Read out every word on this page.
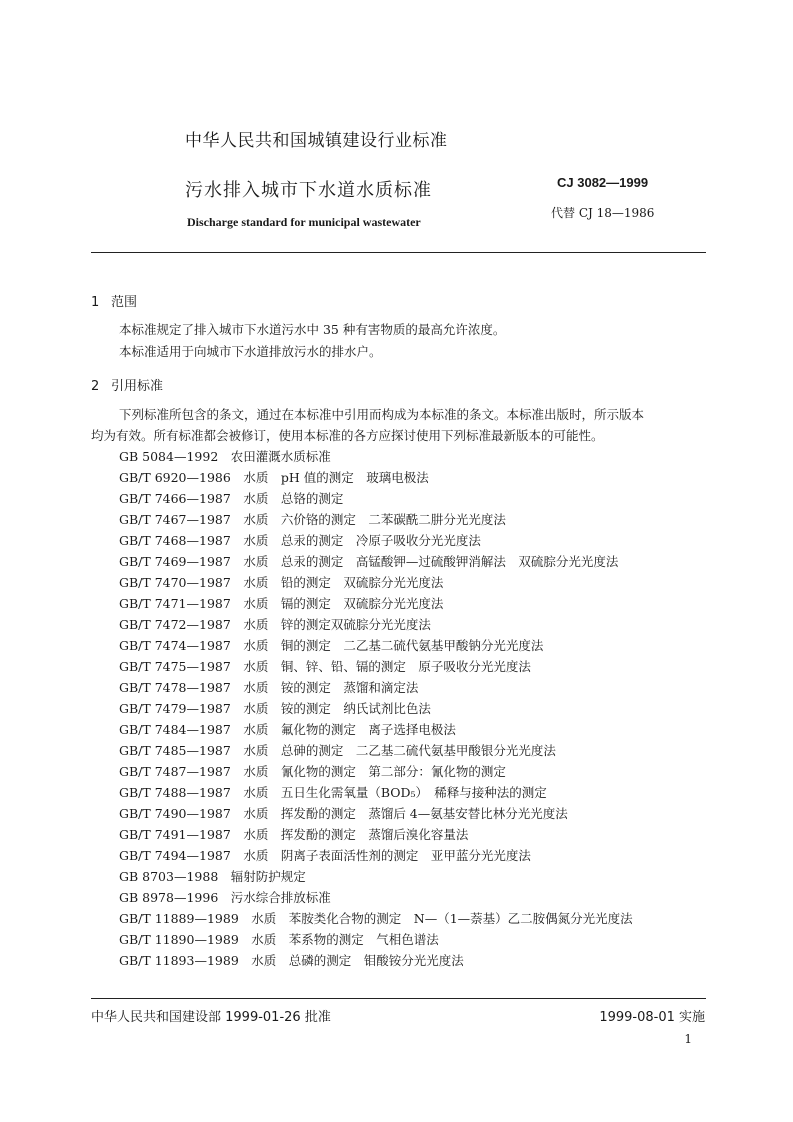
中华人民共和国城镇建设行业标准
污水排入城市下水道水质标准
Discharge standard for municipal wastewater
CJ 3082—1999
代替 CJ 18—1986
1 范围
本标准规定了排入城市下水道污水中 35 种有害物质的最高允许浓度。
本标准适用于向城市下水道排放污水的排水户。
2 引用标准
下列标准所包含的条文，通过在本标准中引用而构成为本标准的条文。本标准出版时，所示版本
均为有效。所有标准都会被修订，使用本标准的各方应探讨使用下列标准最新版本的可能性。
GB 5084—1992　农田灌溉水质标准
GB/T 6920—1986　水质　pH 值的测定　玻璃电极法
GB/T 7466—1987　水质　总铬的测定
GB/T 7467—1987　水质　六价铬的测定　二苯碳酰二肼分光光度法
GB/T 7468—1987　水质　总汞的测定　冷原子吸收分光光度法
GB/T 7469—1987　水质　总汞的测定　高锰酸钾—过硫酸钾消解法　双硫腙分光光度法
GB/T 7470—1987　水质　铅的测定　双硫腙分光光度法
GB/T 7471—1987　水质　镉的测定　双硫腙分光光度法
GB/T 7472—1987　水质　锌的测定双硫腙分光光度法
GB/T 7474—1987　水质　铜的测定　二乙基二硫代氨基甲酸钠分光光度法
GB/T 7475—1987　水质　铜、锌、铅、镉的测定　原子吸收分光光度法
GB/T 7478—1987　水质　铵的测定　蒸馏和滴定法
GB/T 7479—1987　水质　铵的测定　纳氏试剂比色法
GB/T 7484—1987　水质　氟化物的测定　离子选择电极法
GB/T 7485—1987　水质　总砷的测定　二乙基二硫代氨基甲酸银分光光度法
GB/T 7487—1987　水质　氰化物的测定　第二部分：氰化物的测定
GB/T 7488—1987　水质　五日生化需氧量（BOD₅）　稀释与接种法的测定
GB/T 7490—1987　水质　挥发酚的测定　蒸馏后 4—氨基安替比林分光光度法
GB/T 7491—1987　水质　挥发酚的测定　蒸馏后溴化容量法
GB/T 7494—1987　水质　阴离子表面活性剂的测定　亚甲蓝分光光度法
GB 8703—1988　辐射防护规定
GB 8978—1996　污水综合排放标准
GB/T 11889—1989　水质　苯胺类化合物的测定　N—（1—萘基）乙二胺偶氮分光光度法
GB/T 11890—1989　水质　苯系物的测定　气相色谱法
GB/T 11893—1989　水质　总磷的测定　钼酸铵分光光度法
中华人民共和国建设部 1999-01-26 批准	1999-08-01 实施
1
